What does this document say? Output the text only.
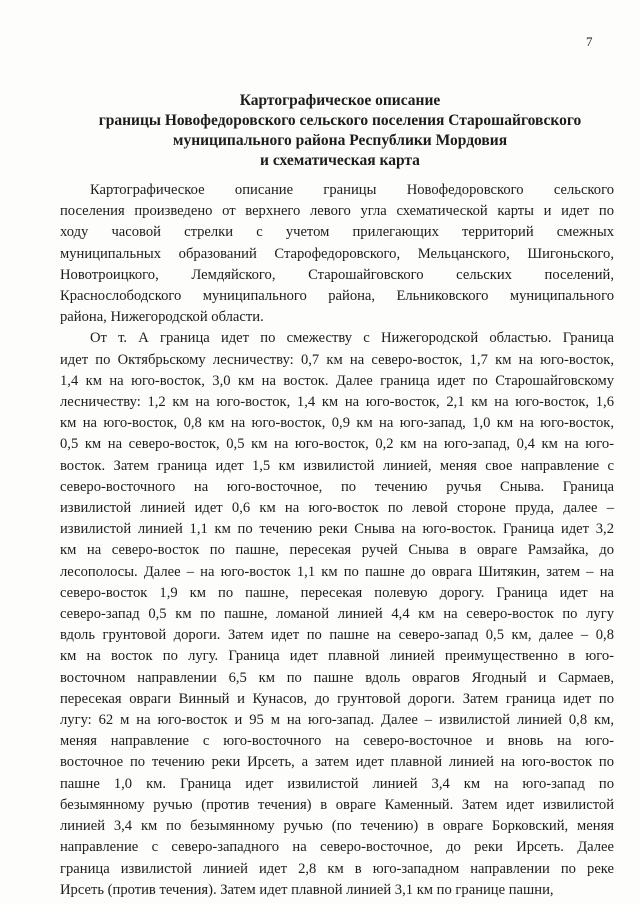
7
Картографическое описание
границы Новофедоровского сельского поселения Старошайговского
муниципального района Республики Мордовия
и схематическая карта
Картографическое описание границы Новофедоровского сельского
поселения произведено от верхнего левого угла схематической карты и идет по
ходу часовой стрелки с учетом прилегающих территорий смежных
муниципальных образований Старофедоровского, Мельцанского, Шигоньского,
Новотроицкого, Лемдяйского, Старошайговского сельских поселений,
Краснослободского муниципального района, Ельниковского муниципального
района, Нижегородской области.
От т. А граница идет по смежеству с Нижегородской областью. Граница
идет по Октябрьскому лесничеству: 0,7 км на северо-восток, 1,7 км на юго-восток,
1,4 км на юго-восток, 3,0 км на восток. Далее граница идет по Старошайговскому
лесничеству: 1,2 км на юго-восток, 1,4 км на юго-восток, 2,1 км на юго-восток, 1,6
км на юго-восток, 0,8 км на юго-восток, 0,9 км на юго-запад, 1,0 км на юго-восток,
0,5 км на северо-восток, 0,5 км на юго-восток, 0,2 км на юго-запад, 0,4 км на юго-
восток. Затем граница идет 1,5 км извилистой линией, меняя свое направление с
северо-восточного на юго-восточное, по течению ручья Сныва. Граница
извилистой линией идет 0,6 км на юго-восток по левой стороне пруда, далее –
извилистой линией 1,1 км по течению реки Сныва на юго-восток. Граница идет 3,2
км на северо-восток по пашне, пересекая ручей Сныва в овраге Рамзайка, до
лесополосы. Далее – на юго-восток 1,1 км по пашне до оврага Шитякин, затем – на
северо-восток 1,9 км по пашне, пересекая полевую дорогу. Граница идет на
северо-запад 0,5 км по пашне, ломаной линией 4,4 км на северо-восток по лугу
вдоль грунтовой дороги. Затем идет по пашне на северо-запад 0,5 км, далее – 0,8
км на восток по лугу. Граница идет плавной линией преимущественно в юго-
восточном направлении 6,5 км по пашне вдоль оврагов Ягодный и Сармаев,
пересекая овраги Винный и Кунасов, до грунтовой дороги. Затем граница идет по
лугу: 62 м на юго-восток и 95 м на юго-запад. Далее – извилистой линией 0,8 км,
меняя направление с юго-восточного на северо-восточное и вновь на юго-
восточное по течению реки Ирсеть, а затем идет плавной линией на юго-восток по
пашне 1,0 км. Граница идет извилистой линией 3,4 км на юго-запад по
безымянному ручью (против течения) в овраге Каменный. Затем идет извилистой
линией 3,4 км по безымянному ручью (по течению) в овраге Борковский, меняя
направление с северо-западного на северо-восточное, до реки Ирсеть. Далее
граница извилистой линией идет 2,8 км в юго-западном направлении по реке
Ирсеть (против течения). Затем идет плавной линией 3,1 км по границе пашни,
